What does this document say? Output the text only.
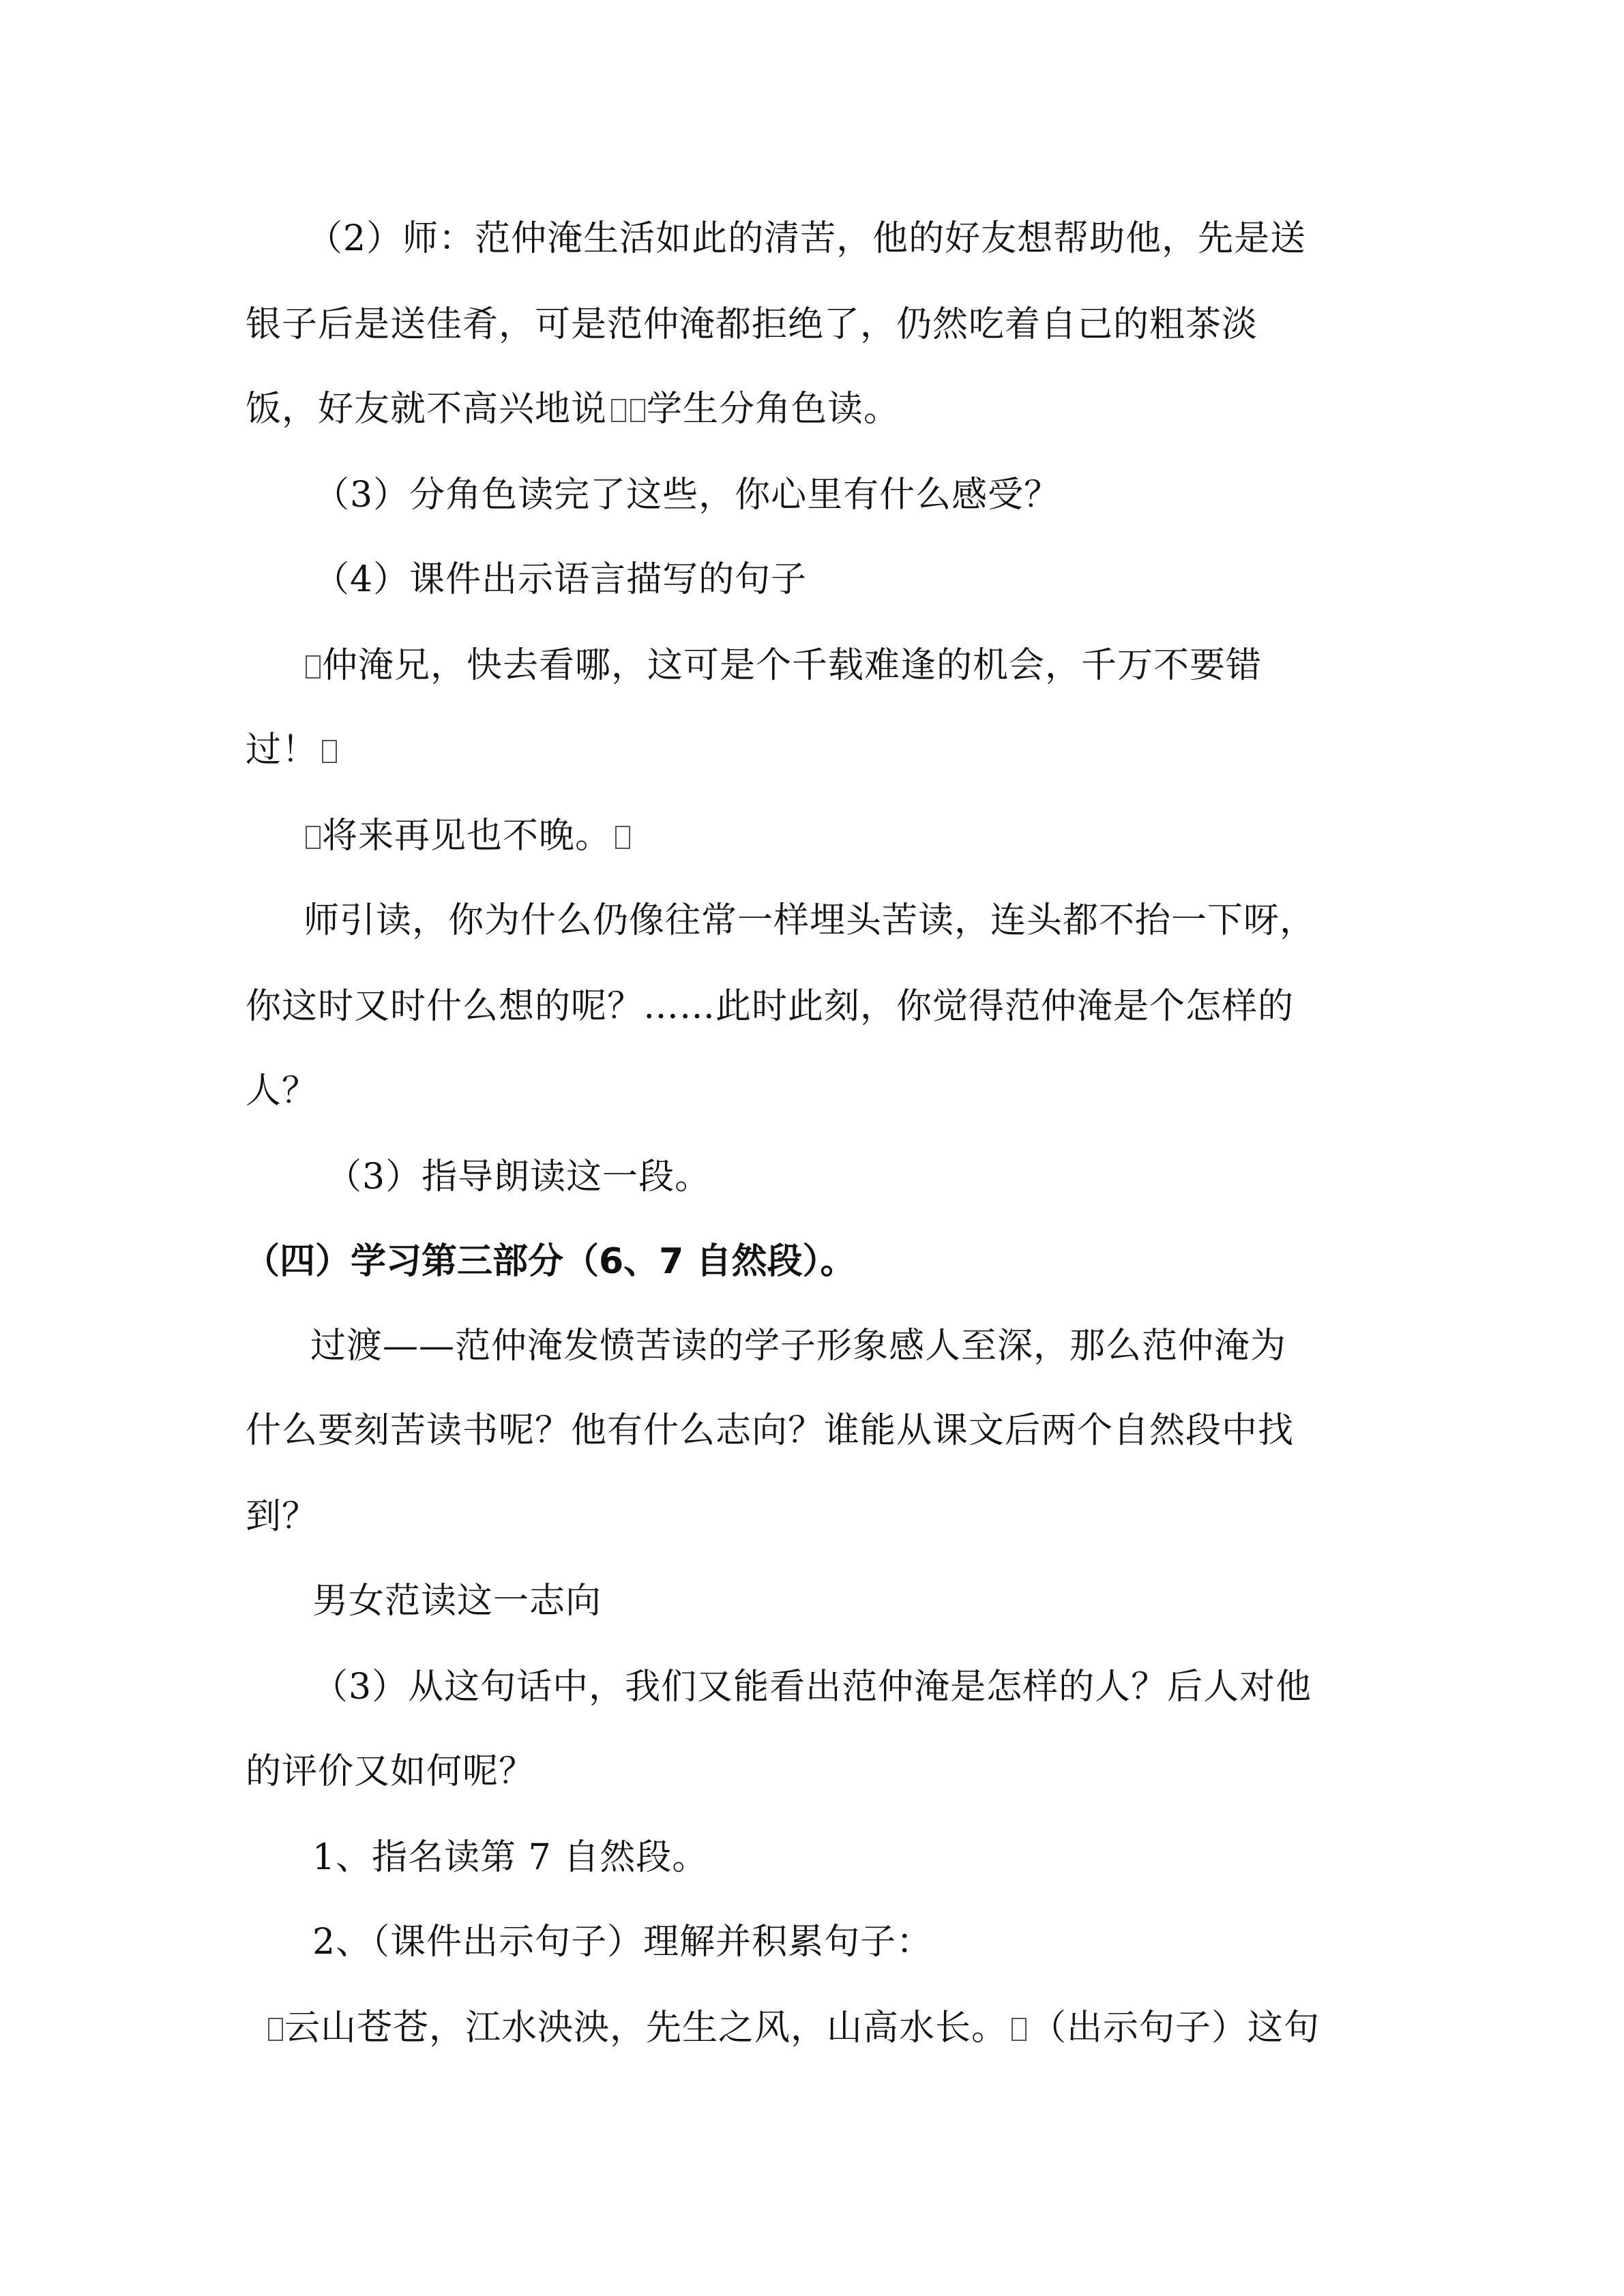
（2）师：范仲淹生活如此的清苦，他的好友想帮助他，先是送
银子后是送佳肴，可是范仲淹都拒绝了，仍然吃着自己的粗茶淡
饭，好友就不高兴地说 学生分角色读。
（3）分角色读完了这些，你心里有什么感受？
（4）课件出示语言描写的句子
仲淹兄，快去看哪，这可是个千载难逢的机会，千万不要错
过！
将来再见也不晚。
师引读，你为什么仍像往常一样埋头苦读，连头都不抬一下呀，
你这时又时什么想的呢？……此时此刻，你觉得范仲淹是个怎样的
人？
（3）指导朗读这一段。
（四）学习第三部分（6、7 自然段）。
过渡——范仲淹发愤苦读的学子形象感人至深，那么范仲淹为
什么要刻苦读书呢？他有什么志向？谁能从课文后两个自然段中找
到？
男女范读这一志向
（3）从这句话中，我们又能看出范仲淹是怎样的人？后人对他
的评价又如何呢？
1、指名读第 7 自然段。
2、（课件出示句子）理解并积累句子：
云山苍苍，江水泱泱，先生之风，山高水长。 （出示句子）这句
